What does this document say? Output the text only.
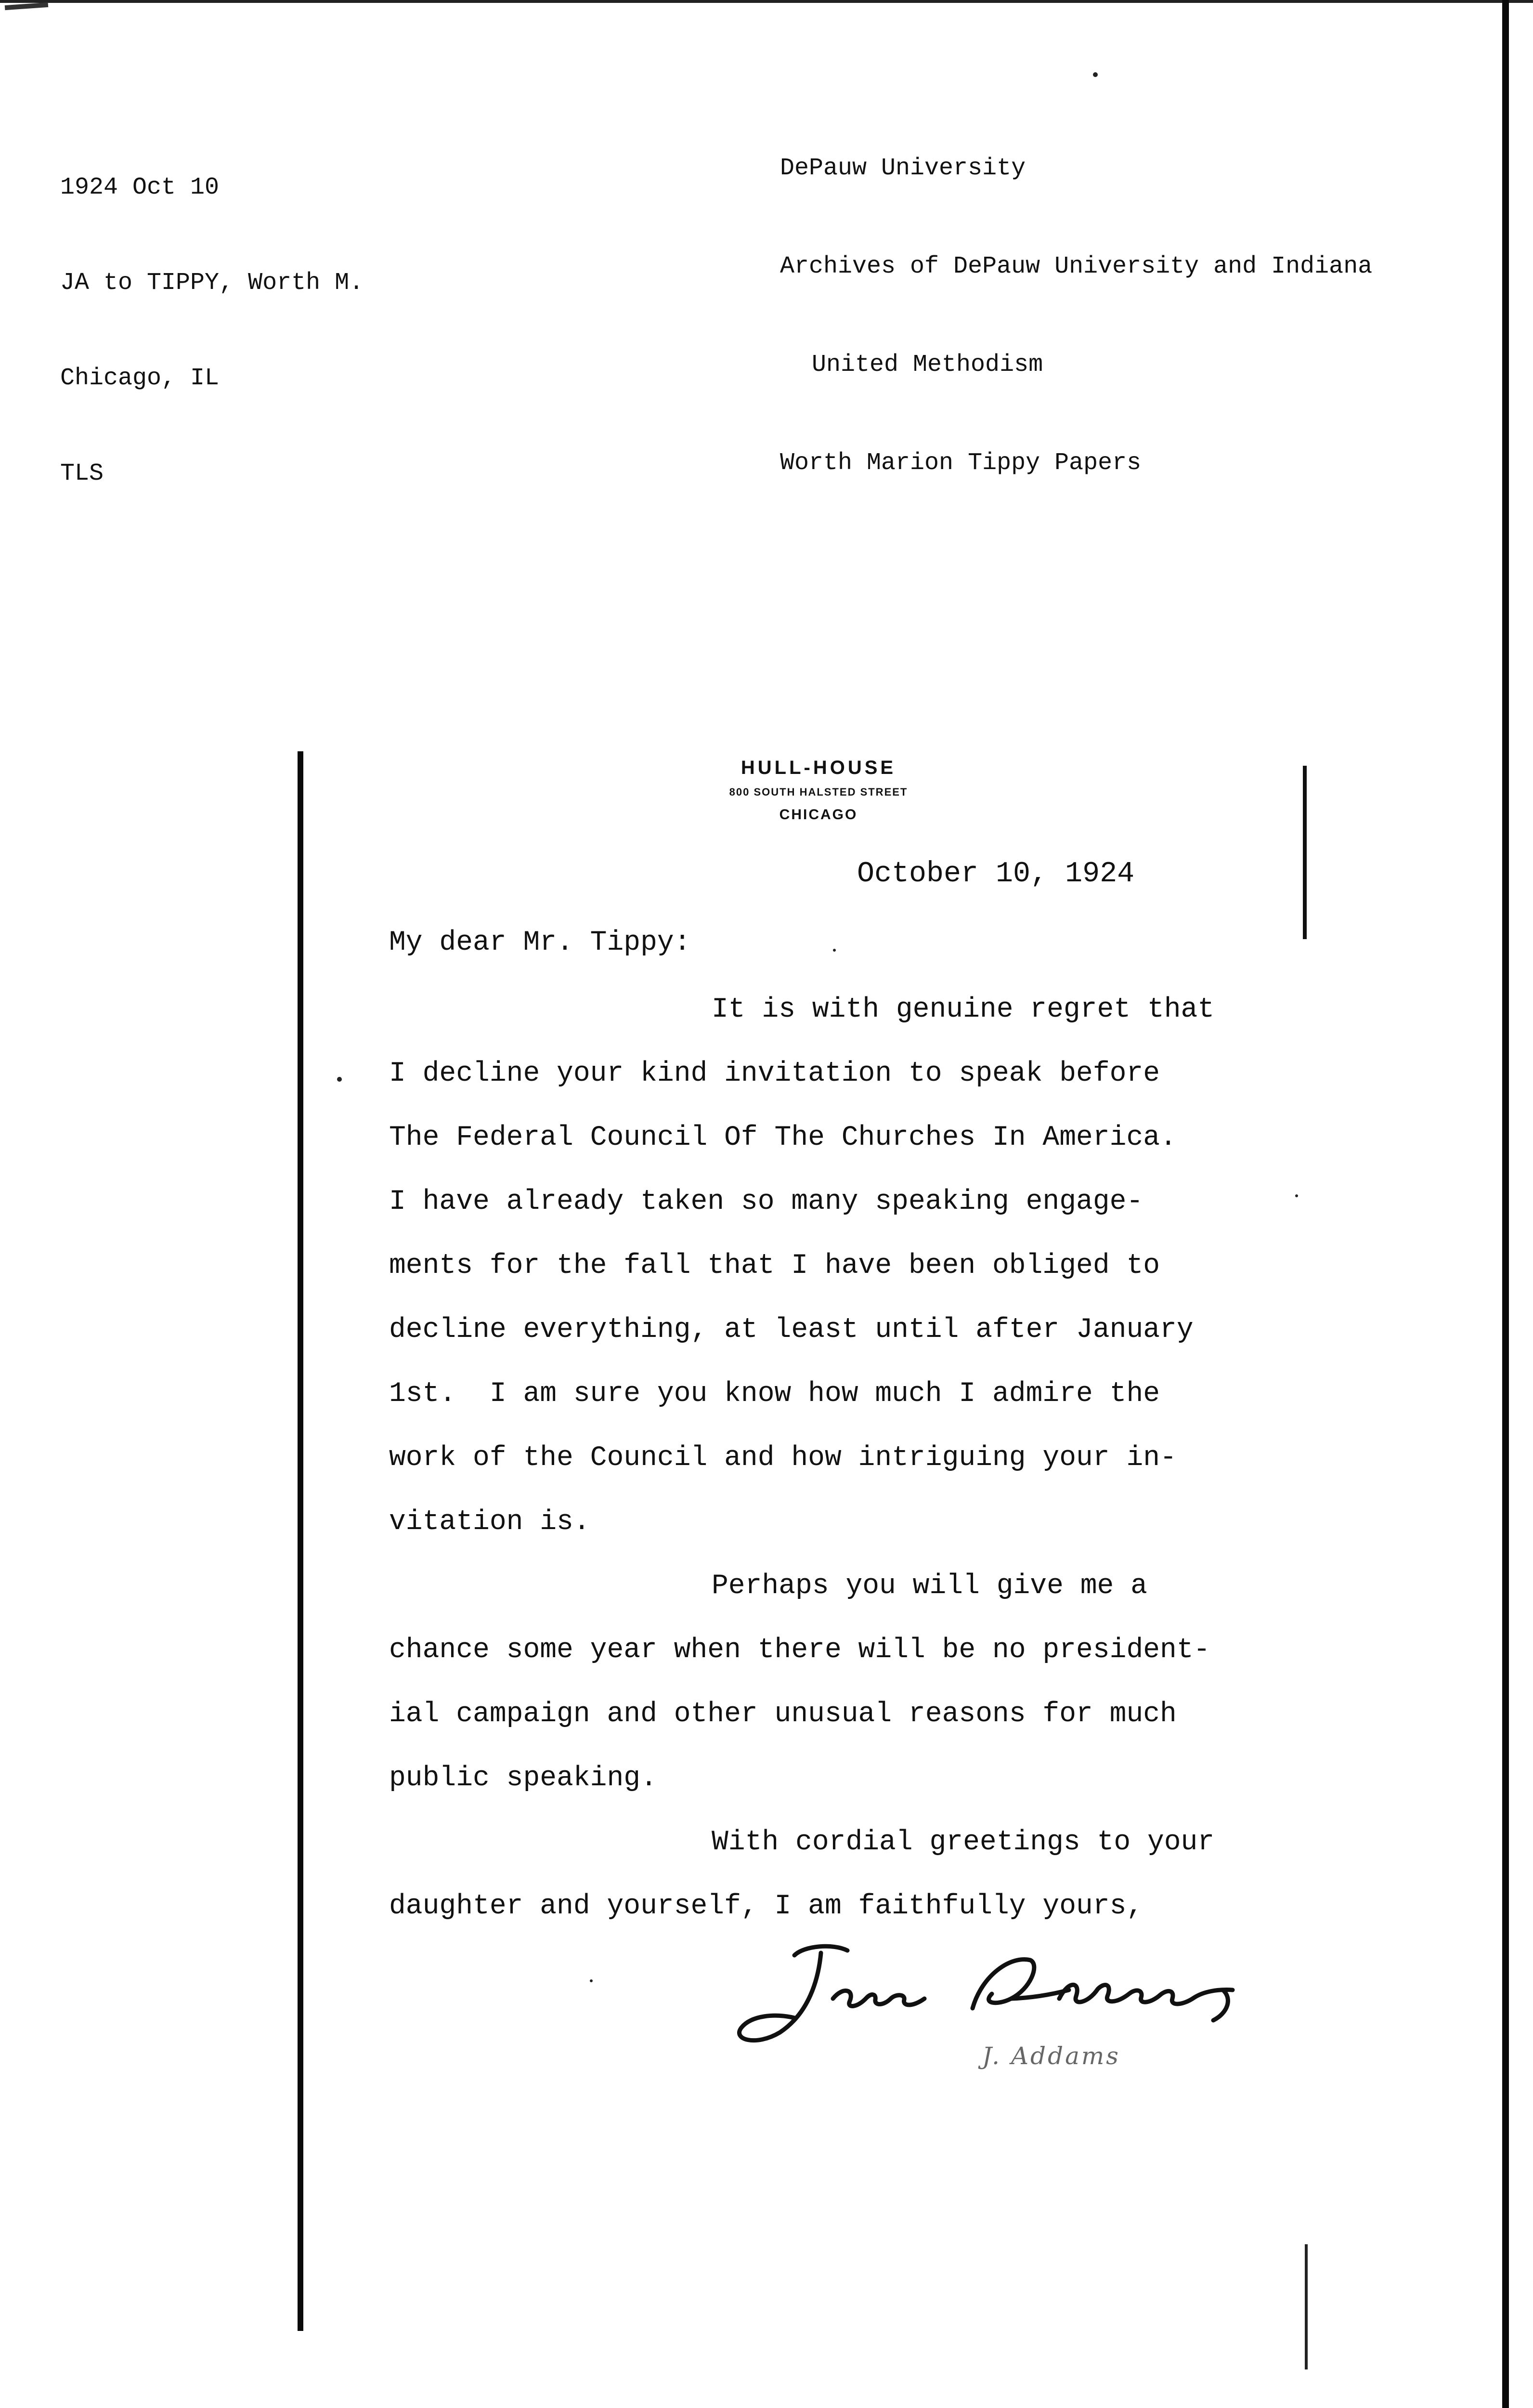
1924 Oct 10

JA to TIPPY, Worth M.

Chicago, IL

TLS

DePauw University

Archives of DePauw University and Indiana

United Methodism

Worth Marion Tippy Papers

HULL-HOUSE
800 SOUTH HALSTED STREET
CHICAGO
October 10, 1924
My dear Mr. Tippy:
It is with genuine regret that
I decline your kind invitation to speak before
The Federal Council Of The Churches In America.
I have already taken so many speaking engage-
ments for the fall that I have been obliged to
decline everything, at least until after January
1st.  I am sure you know how much I admire the
work of the Council and how intriguing your in-
vitation is.
Perhaps you will give me a
chance some year when there will be no president-
ial campaign and other unusual reasons for much
public speaking.
With cordial greetings to your
daughter and yourself, I am faithfully yours,
J. Addams
